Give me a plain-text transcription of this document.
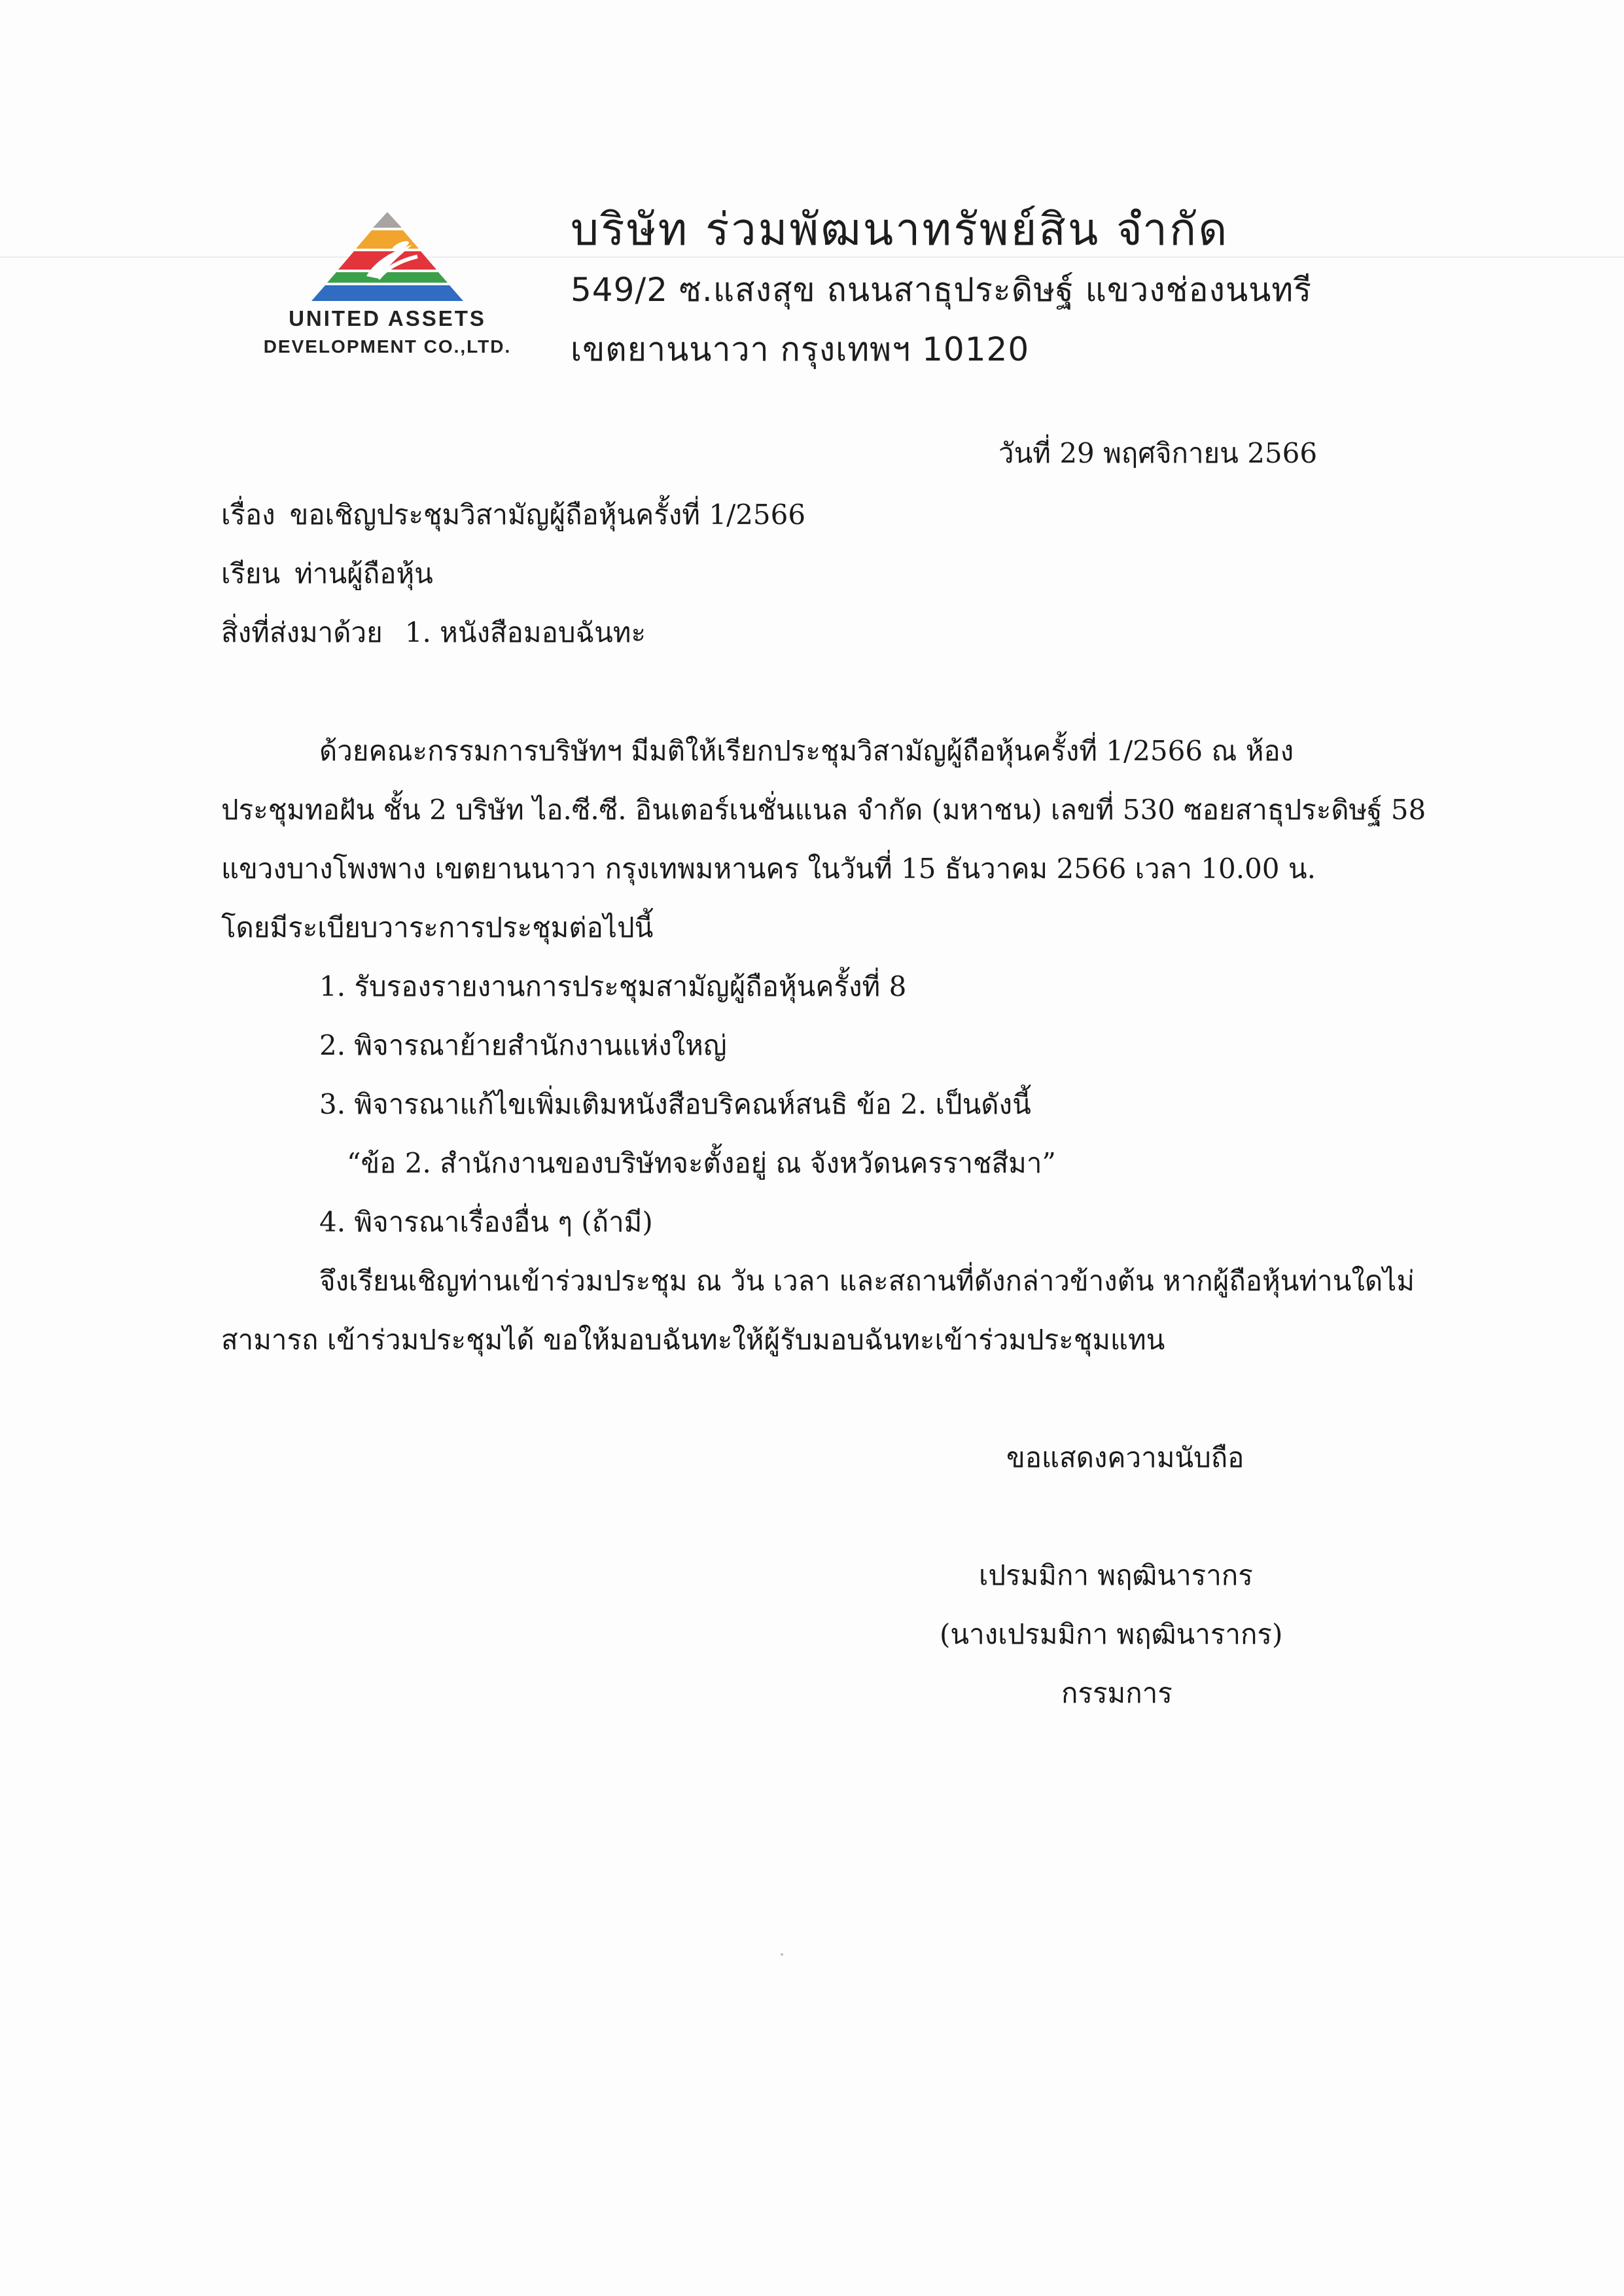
UNITED ASSETS
DEVELOPMENT CO.,LTD.
บริษัท ร่วมพัฒนาทรัพย์สิน จำกัด
549/2 ซ.แสงสุข ถนนสาธุประดิษฐ์ แขวงช่องนนทรี
เขตยานนาวา กรุงเทพฯ 10120
วันที่ 29 พฤศจิกายน 2566
เรื่อง ขอเชิญประชุมวิสามัญผู้ถือหุ้นครั้งที่ 1/2566
เรียน ท่านผู้ถือหุ้น
สิ่งที่ส่งมาด้วย 1. หนังสือมอบฉันทะ
ด้วยคณะกรรมการบริษัทฯ มีมติให้เรียกประชุมวิสามัญผู้ถือหุ้นครั้งที่ 1/2566 ณ ห้อง
ประชุมทอฝัน ชั้น 2 บริษัท ไอ.ซี.ซี. อินเตอร์เนชั่นแนล จำกัด (มหาชน) เลขที่ 530 ซอยสาธุประดิษฐ์ 58
แขวงบางโพงพาง เขตยานนาวา กรุงเทพมหานคร ในวันที่ 15 ธันวาคม 2566 เวลา 10.00 น.
โดยมีระเบียบวาระการประชุมต่อไปนี้
1. รับรองรายงานการประชุมสามัญผู้ถือหุ้นครั้งที่ 8
2. พิจารณาย้ายสำนักงานแห่งใหญ่
3. พิจารณาแก้ไขเพิ่มเติมหนังสือบริคณห์สนธิ ข้อ 2. เป็นดังนี้
“ข้อ 2. สำนักงานของบริษัทจะตั้งอยู่ ณ จังหวัดนครราชสีมา”
4. พิจารณาเรื่องอื่น ๆ (ถ้ามี)
จึงเรียนเชิญท่านเข้าร่วมประชุม ณ วัน เวลา และสถานที่ดังกล่าวข้างต้น หากผู้ถือหุ้นท่านใดไม่
สามารถ เข้าร่วมประชุมได้ ขอให้มอบฉันทะให้ผู้รับมอบฉันทะเข้าร่วมประชุมแทน
ขอแสดงความนับถือ
เปรมมิกา พฤฒินารากร
(นางเปรมมิกา พฤฒินารากร)
กรรมการ
